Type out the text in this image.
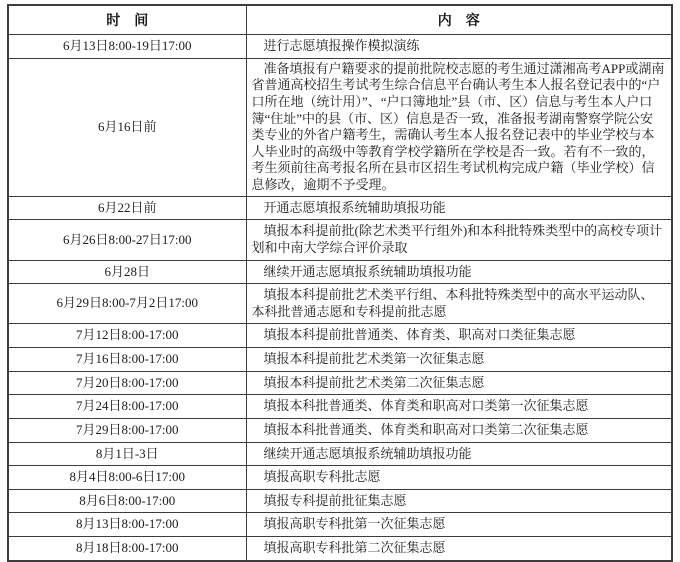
时　间	内　容
6月13日8:00-19日17:00	进行志愿填报操作模拟演练
6月16日前	准备填报有户籍要求的提前批院校志愿的考生通过潇湘高考APP或湖南省普通高校招生考试考生综合信息平台确认考生本人报名登记表中的“户口所在地（统计用）”、“户口簿地址”县（市、区）信息与考生本人户口簿“住址”中的县（市、区）信息是否一致，准备报考湖南警察学院公安类专业的外省户籍考生，需确认考生本人报名登记表中的毕业学校与本人毕业时的高级中等教育学校学籍所在学校是否一致。若有不一致的，考生须前往高考报名所在县市区招生考试机构完成户籍（毕业学校）信息修改，逾期不予受理。
6月22日前	开通志愿填报系统辅助填报功能
6月26日8:00-27日17:00	填报本科提前批(除艺术类平行组外)和本科批特殊类型中的高校专项计划和中南大学综合评价录取
6月28日	继续开通志愿填报系统辅助填报功能
6月29日8:00-7月2日17:00	填报本科提前批艺术类平行组、本科批特殊类型中的高水平运动队、本科批普通志愿和专科提前批志愿
7月12日8:00-17:00	填报本科提前批普通类、体育类、职高对口类征集志愿
7月16日8:00-17:00	填报本科提前批艺术类第一次征集志愿
7月20日8:00-17:00	填报本科提前批艺术类第二次征集志愿
7月24日8:00-17:00	填报本科批普通类、体育类和职高对口类第一次征集志愿
7月29日8:00-17:00	填报本科批普通类、体育类和职高对口类第二次征集志愿
8月1日-3日	继续开通志愿填报系统辅助填报功能
8月4日8:00-6日17:00	填报高职专科批志愿
8月6日8:00-17:00	填报专科提前批征集志愿
8月13日8:00-17:00	填报高职专科批第一次征集志愿
8月18日8:00-17:00	填报高职专科批第二次征集志愿
